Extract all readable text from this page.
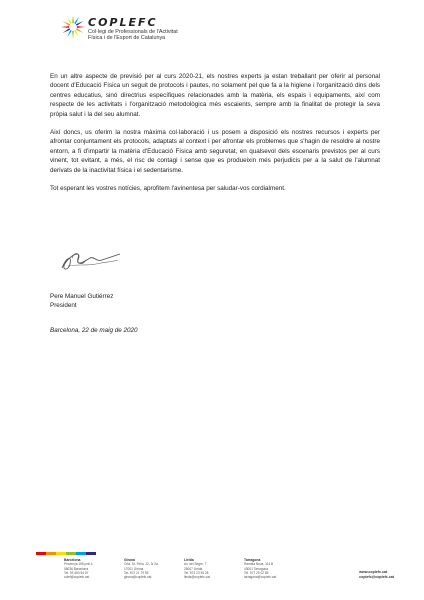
COPLEFC
Col·legi de Professionals de l'Activitat
Física i de l'Esport de Catalunya

En un altre aspecte de previsió per al curs 2020-21, els nostres experts ja estan treballant per oferir al personal docent d'Educació Física un seguit de protocols i pautes, no solament pel que fa a la higiene i l'organització dins dels centres educatius, sinó directrius específiques relacionades amb la matèria, els espais i equipaments, així com respecte de les activitats i l'organització metodològica més escaients, sempre amb la finalitat de protegir la seva pròpia salut i la del seu alumnat.

Així doncs, us oferim la nostra màxima col·laboració i us posem a disposició els nostres recursos i experts per afrontar conjuntament els protocols, adaptats al context i per afrontar els problemes que s'hagin de resoldre al nostre entorn, a fi d'impartir la matèria d'Educació Física amb seguretat, en qualsevol dels escenaris previstos per al curs vinent, tot evitant, a més, el risc de contagi i sense que es produeixin més perjudicis per a la salut de l'alumnat derivats de la inactivitat física i el sedentarisme.

Tot esperant les vostres notícies, aprofitem l'avinentesa per saludar-vos cordialment.

Pere Manuel Gutiérrez
President
Barcelona, 22 de maig de 2020
Barcelona
Provença 165 pral.4
08036 Barcelona
Tel. 93 453 54 07
colef@coplefc.cat
Girona
Crta. St. Feliu, 12, 3r 2a
17001 Girona
Tel. 972 21 79 95
girona@coplefc.cat
Lleida
Av. del Segre, 7
25007 Lleida
Tel. 973 23 35 28
lleida@coplefc.cat
Tarragona
Rambla Nova, 114 B
43001 Tarragona
Tel. 977 25 02 85
tarragona@coplefc.cat
www.coplefc.cat
coplefc@coplefc.cat
